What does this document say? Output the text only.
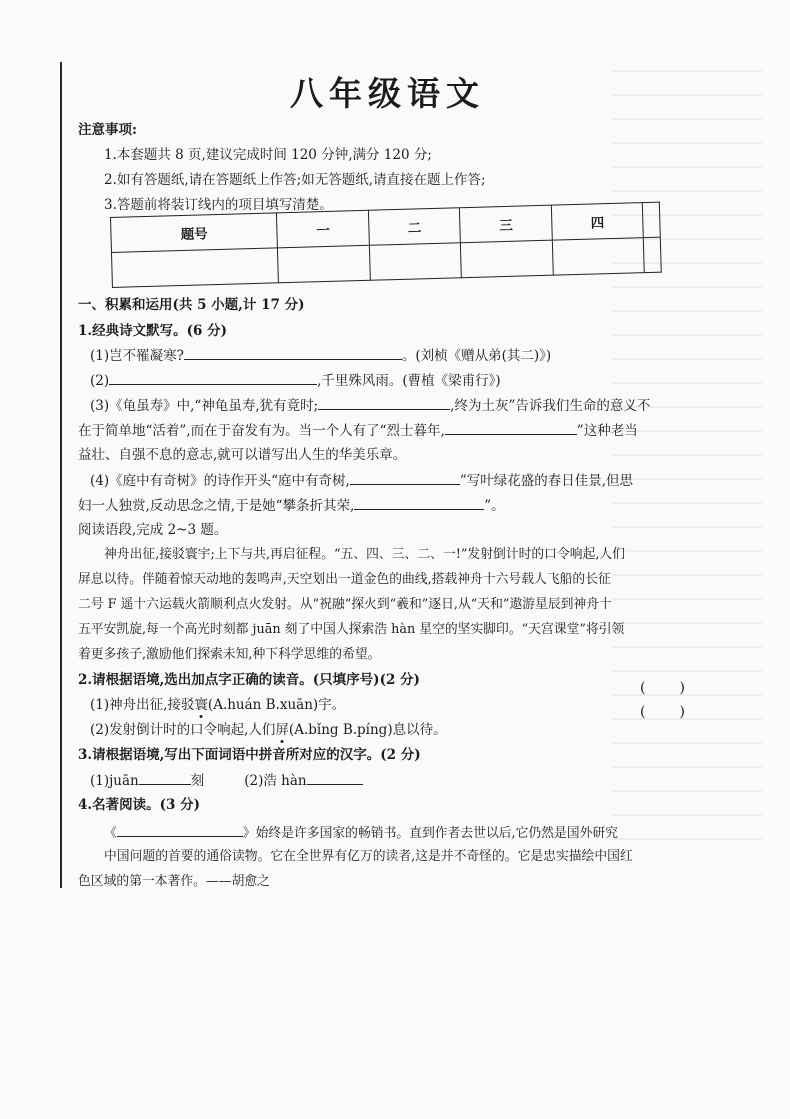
八年级语文
注意事项:
1.本套题共 8 页,建议完成时间 120 分钟,满分 120 分;
2.如有答题纸,请在答题纸上作答;如无答题纸,请直接在题上作答;
3.答题前将装订线内的项目填写清楚。
题号	一	二	三	四	

一、积累和运用(共 5 小题,计 17 分)
1.经典诗文默写。(6 分)
(1)岂不罹凝寒?	。(刘桢《赠从弟(其二)》)
(2)	,千里殊风雨。(曹植《梁甫行》)
(3)《龟虽寿》中,“神龟虽寿,犹有竟时;	,终为土灰”告诉我们生命的意义不
在于简单地“活着”,而在于奋发有为。当一个人有了“烈士暮年,	”这种老当
益壮、自强不息的意志,就可以谱写出人生的华美乐章。
(4)《庭中有奇树》的诗作开头“庭中有奇树,	”写叶绿花盛的春日佳景,但思
妇一人独赏,反动思念之情,于是她“攀条折其荣,	”。
阅读语段,完成 2~3 题。
神舟出征,接驳寰宇;上下与共,再启征程。“五、四、三、二、一!”发射倒计时的口令响起,人们
屏息以待。伴随着惊天动地的轰鸣声,天空划出一道金色的曲线,搭载神舟十六号载人飞船的长征
二号 F 遥十六运载火箭顺利点火发射。从“祝融”探火到“羲和”逐日,从“天和”遨游星辰到神舟十
五平安凯旋,每一个高光时刻都 juān 刻了中国人探索浩 hàn 星空的坚实脚印。“天宫课堂”将引领
着更多孩子,激励他们探索未知,种下科学思维的希望。
2.请根据语境,选出加点字正确的读音。(只填序号)(2 分)
(1)神舟出征,接驳寰(A.huán B.xuān)宇。
( )
(2)发射倒计时的口令响起,人们屏(A.bǐng B.píng)息以待。
( )
3.请根据语境,写出下面词语中拼音所对应的汉字。(2 分)
(1)juān	刻	(2)浩 hàn
4.名著阅读。(3 分)
《	》始终是许多国家的畅销书。直到作者去世以后,它仍然是国外研究
中国问题的首要的通俗读物。它在全世界有亿万的读者,这是并不奇怪的。它是忠实描绘中国红
色区域的第一本著作。——胡愈之
